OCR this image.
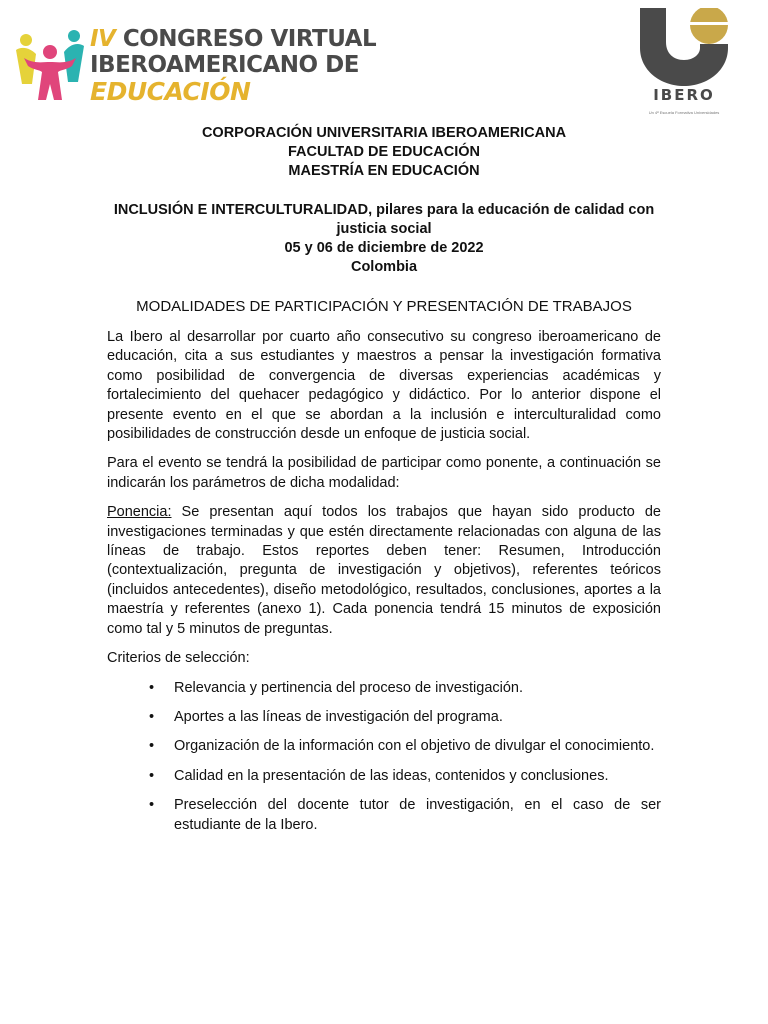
IV CONGRESO VIRTUAL
IBEROAMERICANO DE
EDUCACIÓN	IBERO
Un 4ª Escuela Formativa Universidades

CORPORACIÓN UNIVERSITARIA IBEROAMERICANA

FACULTAD DE EDUCACIÓN

MAESTRÍA EN EDUCACIÓN

INCLUSIÓN E INTERCULTURALIDAD, pilares para la educación de calidad con justicia social

05 y 06 de diciembre de 2022

Colombia

MODALIDADES DE PARTICIPACIÓN Y PRESENTACIÓN DE TRABAJOS

La Ibero al desarrollar por cuarto año consecutivo su congreso iberoamericano de educación, cita a sus estudiantes y maestros a pensar la investigación formativa como posibilidad de convergencia de diversas experiencias académicas y fortalecimiento del quehacer pedagógico y didáctico. Por lo anterior dispone el presente evento en el que se abordan a la inclusión e interculturalidad como posibilidades de construcción desde un enfoque de justicia social.

Para el evento se tendrá la posibilidad de participar como ponente, a continuación se indicarán los parámetros de dicha modalidad:

Ponencia: Se presentan aquí todos los trabajos que hayan sido producto de investigaciones terminadas y que estén directamente relacionadas con alguna de las líneas de trabajo. Estos reportes deben tener: Resumen, Introducción (contextualización, pregunta de investigación y objetivos), referentes teóricos (incluidos antecedentes), diseño metodológico, resultados, conclusiones, aportes a la maestría y referentes (anexo 1). Cada ponencia tendrá 15 minutos de exposición como tal y 5 minutos de preguntas.

Criterios de selección:

• Relevancia y pertinencia del proceso de investigación.
• Aportes a las líneas de investigación del programa.
• Organización de la información con el objetivo de divulgar el conocimiento.
• Calidad en la presentación de las ideas, contenidos y conclusiones.
• Preselección del docente tutor de investigación, en el caso de ser estudiante de la Ibero.
